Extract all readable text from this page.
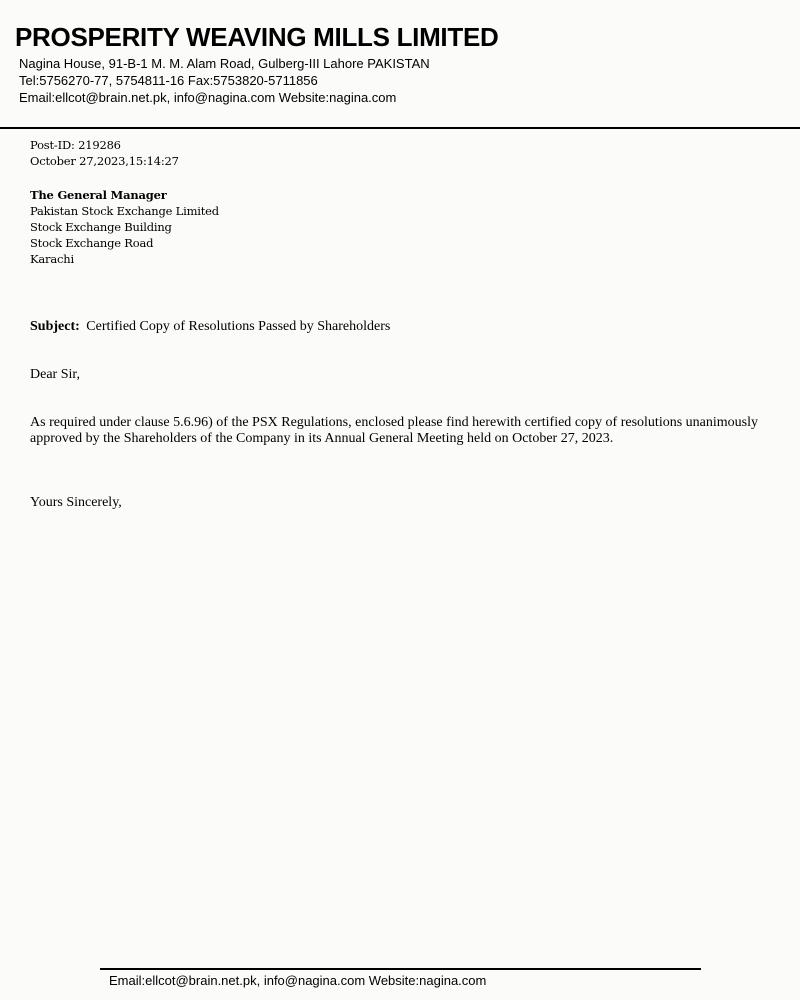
PROSPERITY WEAVING MILLS LIMITED
Nagina House, 91-B-1 M. M. Alam Road, Gulberg-III Lahore PAKISTAN
Tel:5756270-77, 5754811-16 Fax:5753820-5711856
Email:ellcot@brain.net.pk, info@nagina.com Website:nagina.com
Post-ID: 219286
October 27,2023,15:14:27
The General Manager
Pakistan Stock Exchange Limited
Stock Exchange Building
Stock Exchange Road
Karachi
Subject: Certified Copy of Resolutions Passed by Shareholders
Dear Sir,
As required under clause 5.6.96) of the PSX Regulations, enclosed please find herewith certified copy of resolutions unanimously approved by the Shareholders of the Company in its Annual General Meeting held on October 27, 2023.
Yours Sincerely,
Email:ellcot@brain.net.pk, info@nagina.com Website:nagina.com
